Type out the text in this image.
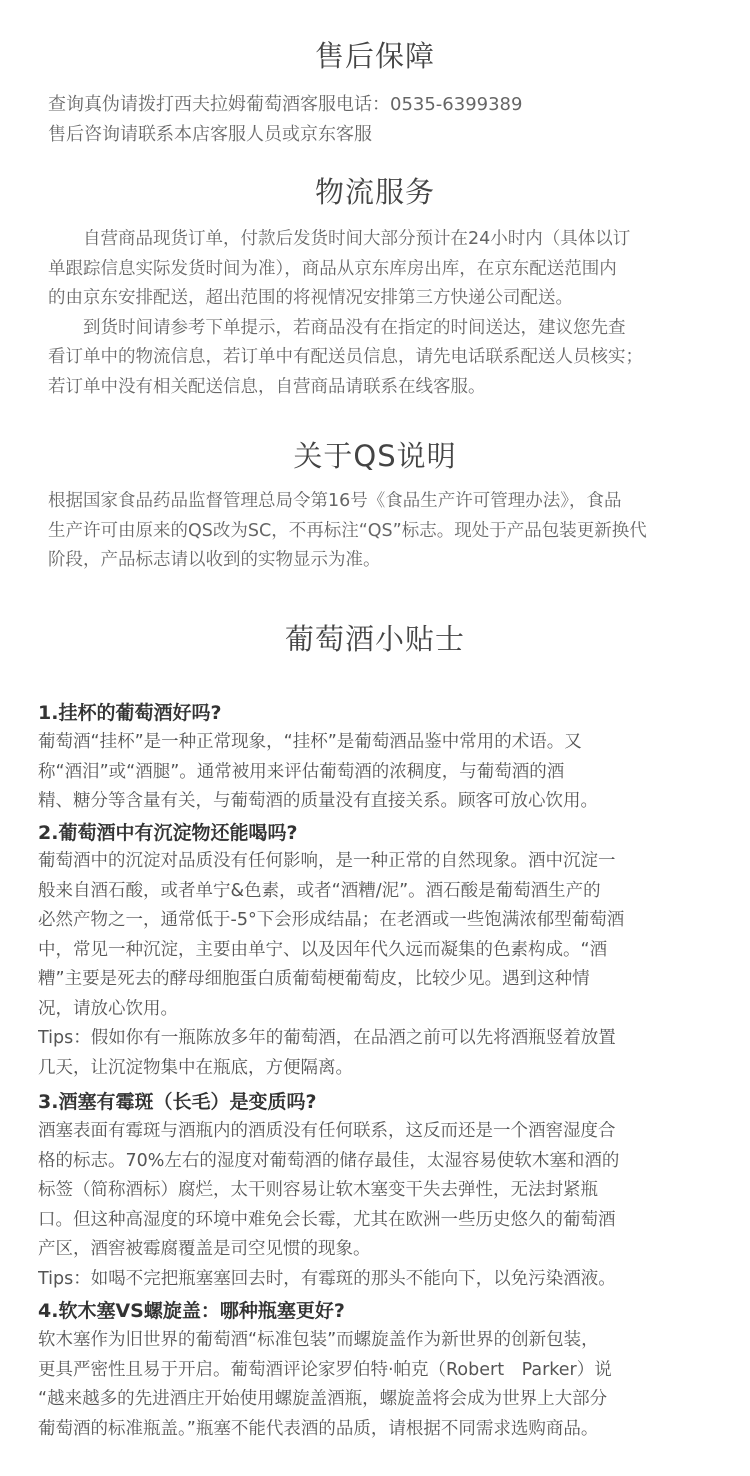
售后保障
查询真伪请拨打西夫拉姆葡萄酒客服电话：0535-6399389
售后咨询请联系本店客服人员或京东客服
物流服务
　　自营商品现货订单，付款后发货时间大部分预计在24小时内（具体以订
单跟踪信息实际发货时间为准），商品从京东库房出库，在京东配送范围内
的由京东安排配送，超出范围的将视情况安排第三方快递公司配送。
　　到货时间请参考下单提示，若商品没有在指定的时间送达，建议您先查
看订单中的物流信息，若订单中有配送员信息，请先电话联系配送人员核实；
若订单中没有相关配送信息，自营商品请联系在线客服。
关于QS说明
根据国家食品药品监督管理总局令第16号《食品生产许可管理办法》，食品
生产许可由原来的QS改为SC，不再标注“QS”标志。现处于产品包装更新换代
阶段，产品标志请以收到的实物显示为准。
葡萄酒小贴士
1.挂杯的葡萄酒好吗?
葡萄酒“挂杯”是一种正常现象，“挂杯”是葡萄酒品鉴中常用的术语。又
称“酒泪”或“酒腿”。通常被用来评估葡萄酒的浓稠度，与葡萄酒的酒
精、糖分等含量有关，与葡萄酒的质量没有直接关系。顾客可放心饮用。
2.葡萄酒中有沉淀物还能喝吗?
葡萄酒中的沉淀对品质没有任何影响，是一种正常的自然现象。酒中沉淀一
般来自酒石酸，或者单宁&色素，或者“酒糟/泥”。酒石酸是葡萄酒生产的
必然产物之一，通常低于-5°下会形成结晶；在老酒或一些饱满浓郁型葡萄酒
中，常见一种沉淀，主要由单宁、以及因年代久远而凝集的色素构成。“酒
糟”主要是死去的酵母细胞蛋白质葡萄梗葡萄皮，比较少见。遇到这种情
况，请放心饮用。
Tips：假如你有一瓶陈放多年的葡萄酒，在品酒之前可以先将酒瓶竖着放置
几天，让沉淀物集中在瓶底，方便隔离。
3.酒塞有霉斑（长毛）是变质吗?
酒塞表面有霉斑与酒瓶内的酒质没有任何联系，这反而还是一个酒窖湿度合
格的标志。70%左右的湿度对葡萄酒的储存最佳，太湿容易使软木塞和酒的
标签（简称酒标）腐烂，太干则容易让软木塞变干失去弹性，无法封紧瓶
口。但这种高湿度的环境中难免会长霉，尤其在欧洲一些历史悠久的葡萄酒
产区，酒窖被霉腐覆盖是司空见惯的现象。
Tips：如喝不完把瓶塞塞回去时，有霉斑的那头不能向下，以免污染酒液。
4.软木塞VS螺旋盖：哪种瓶塞更好?
软木塞作为旧世界的葡萄酒“标准包装”而螺旋盖作为新世界的创新包装，
更具严密性且易于开启。葡萄酒评论家罗伯特·帕克（Robert　Parker）说
“越来越多的先进酒庄开始使用螺旋盖酒瓶，螺旋盖将会成为世界上大部分
葡萄酒的标准瓶盖。”瓶塞不能代表酒的品质，请根据不同需求选购商品。
